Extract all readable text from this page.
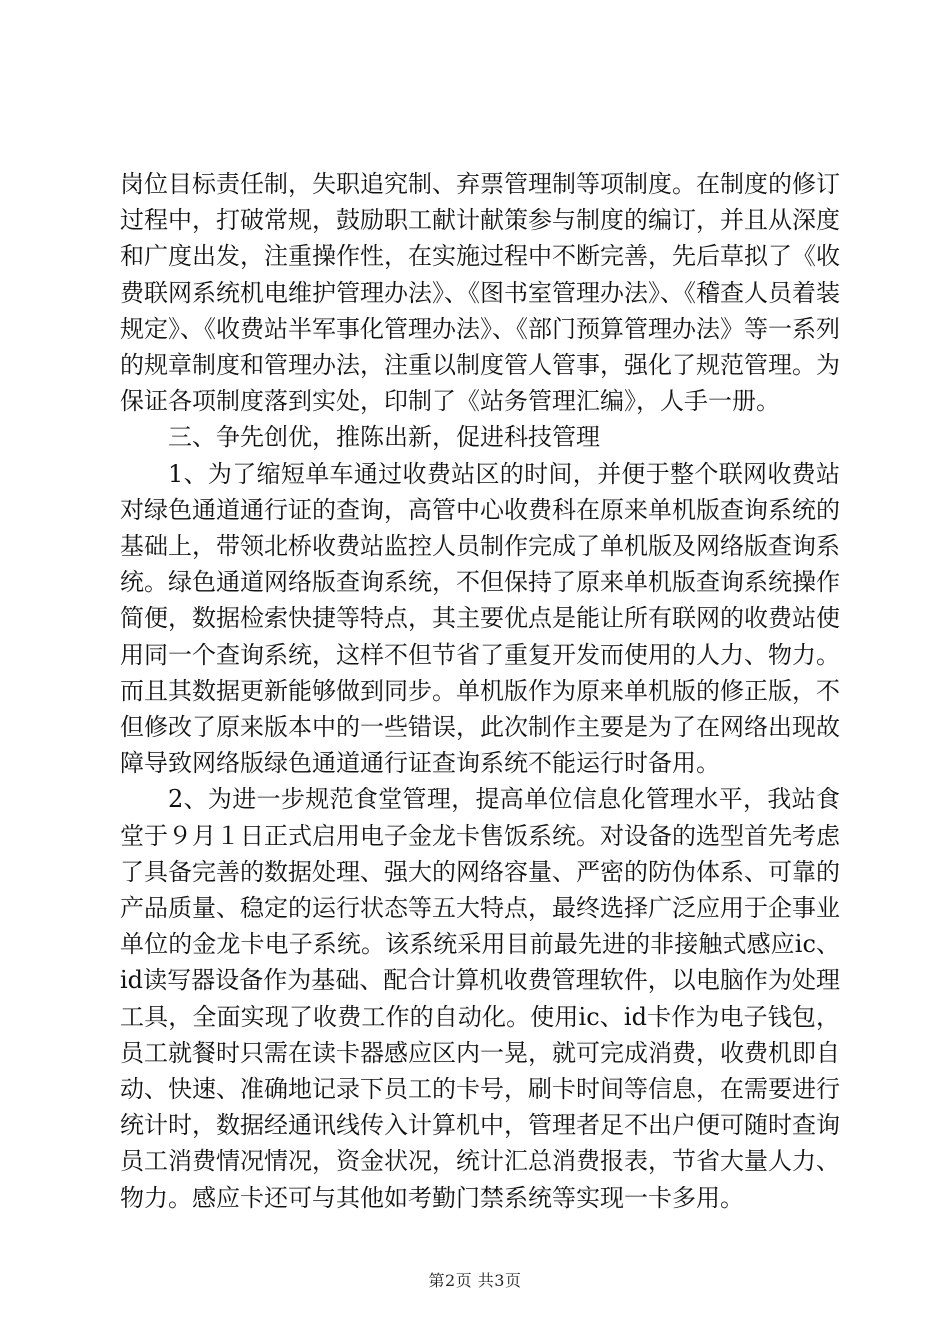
岗位目标责任制，失职追究制、弃票管理制等项制度。在制度的修订过程中，打破常规，鼓励职工献计献策参与制度的编订，并且从深度和广度出发，注重操作性，在实施过程中不断完善，先后草拟了《收费联网系统机电维护管理办法》、《图书室管理办法》、《稽查人员着装规定》、《收费站半军事化管理办法》、《部门预算管理办法》等一系列的规章制度和管理办法，注重以制度管人管事，强化了规范管理。为保证各项制度落到实处，印制了《站务管理汇编》，人手一册。

三、争先创优，推陈出新，促进科技管理

1、为了缩短单车通过收费站区的时间，并便于整个联网收费站对绿色通道通行证的查询，高管中心收费科在原来单机版查询系统的基础上，带领北桥收费站监控人员制作完成了单机版及网络版查询系统。绿色通道网络版查询系统，不但保持了原来单机版查询系统操作简便，数据检索快捷等特点，其主要优点是能让所有联网的收费站使用同一个查询系统，这样不但节省了重复开发而使用的人力、物力。而且其数据更新能够做到同步。单机版作为原来单机版的修正版，不但修改了原来版本中的一些错误，此次制作主要是为了在网络出现故障导致网络版绿色通道通行证查询系统不能运行时备用。

2、为进一步规范食堂管理，提高单位信息化管理水平，我站食堂于９月１日正式启用电子金龙卡售饭系统。对设备的选型首先考虑了具备完善的数据处理、强大的网络容量、严密的防伪体系、可靠的产品质量、稳定的运行状态等五大特点，最终选择广泛应用于企事业单位的金龙卡电子系统。该系统采用目前最先进的非接触式感应ic、id读写器设备作为基础、配合计算机收费管理软件，以电脑作为处理工具，全面实现了收费工作的自动化。使用ic、id卡作为电子钱包，员工就餐时只需在读卡器感应区内一晃，就可完成消费，收费机即自动、快速、准确地记录下员工的卡号，刷卡时间等信息，在需要进行统计时，数据经通讯线传入计算机中，管理者足不出户便可随时查询员工消费情况情况，资金状况，统计汇总消费报表，节省大量人力、物力。感应卡还可与其他如考勤门禁系统等实现一卡多用。

第2页 共3页
